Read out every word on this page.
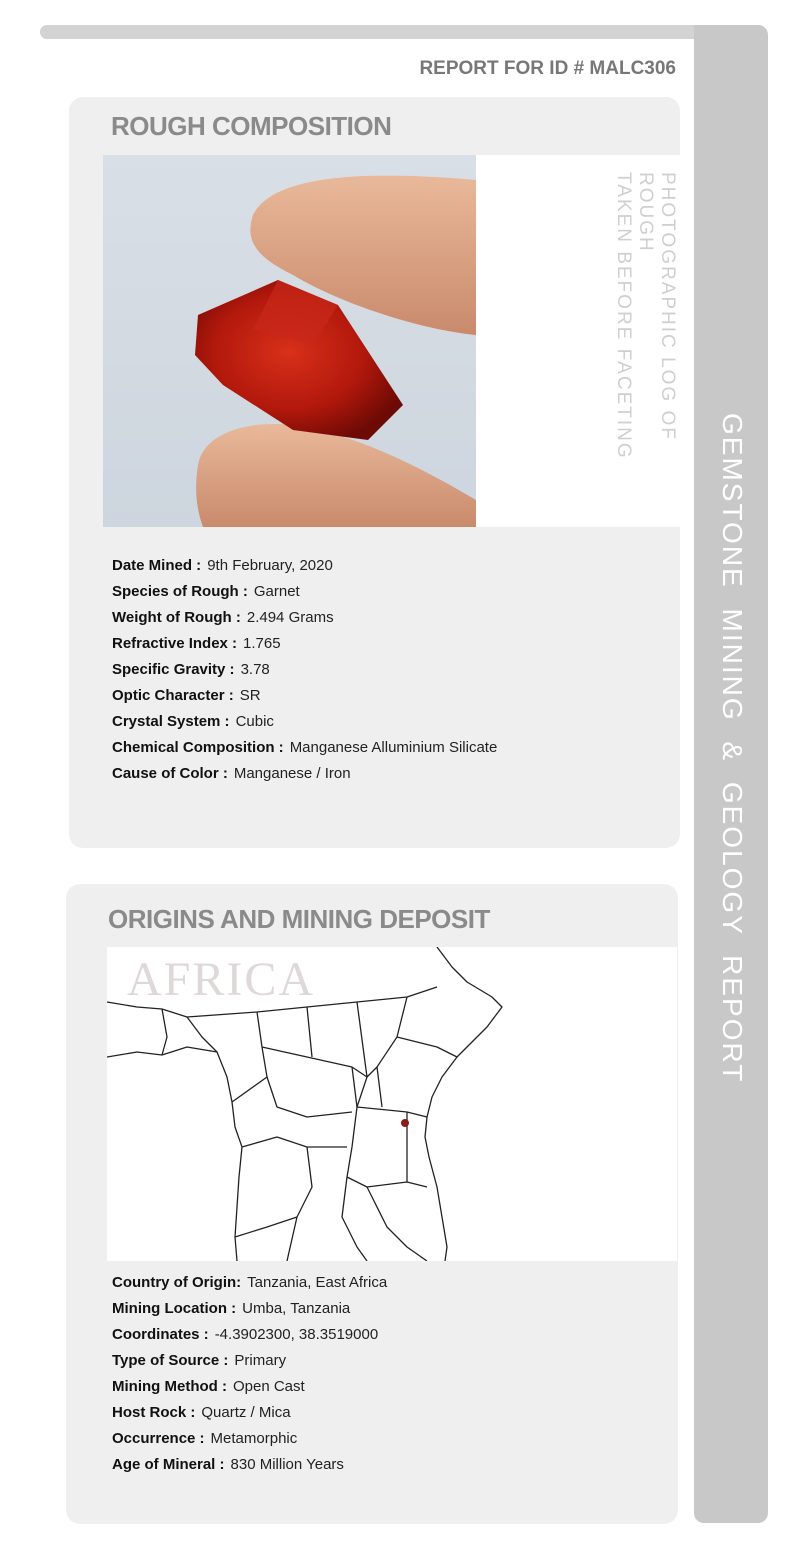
GEMSTONE MINING & GEOLOGY REPORT
REPORT FOR ID # MALC306
ROUGH COMPOSITION
PHOTOGRAPHIC LOG OF ROUGH
TAKEN BEFORE FACETING
Date Mined : 9th February, 2020
Species of Rough : Garnet
Weight of Rough : 2.494 Grams
Refractive Index : 1.765
Specific Gravity : 3.78
Optic Character : SR
Crystal System : Cubic
Chemical Composition : Manganese Alluminium Silicate
Cause of Color : Manganese / Iron
ORIGINS AND MINING DEPOSIT
AFRICA
Country of Origin: Tanzania, East Africa
Mining Location : Umba, Tanzania
Coordinates : -4.3902300, 38.3519000
Type of Source : Primary
Mining Method : Open Cast
Host Rock : Quartz / Mica
Occurrence : Metamorphic
Age of Mineral : 830 Million Years
